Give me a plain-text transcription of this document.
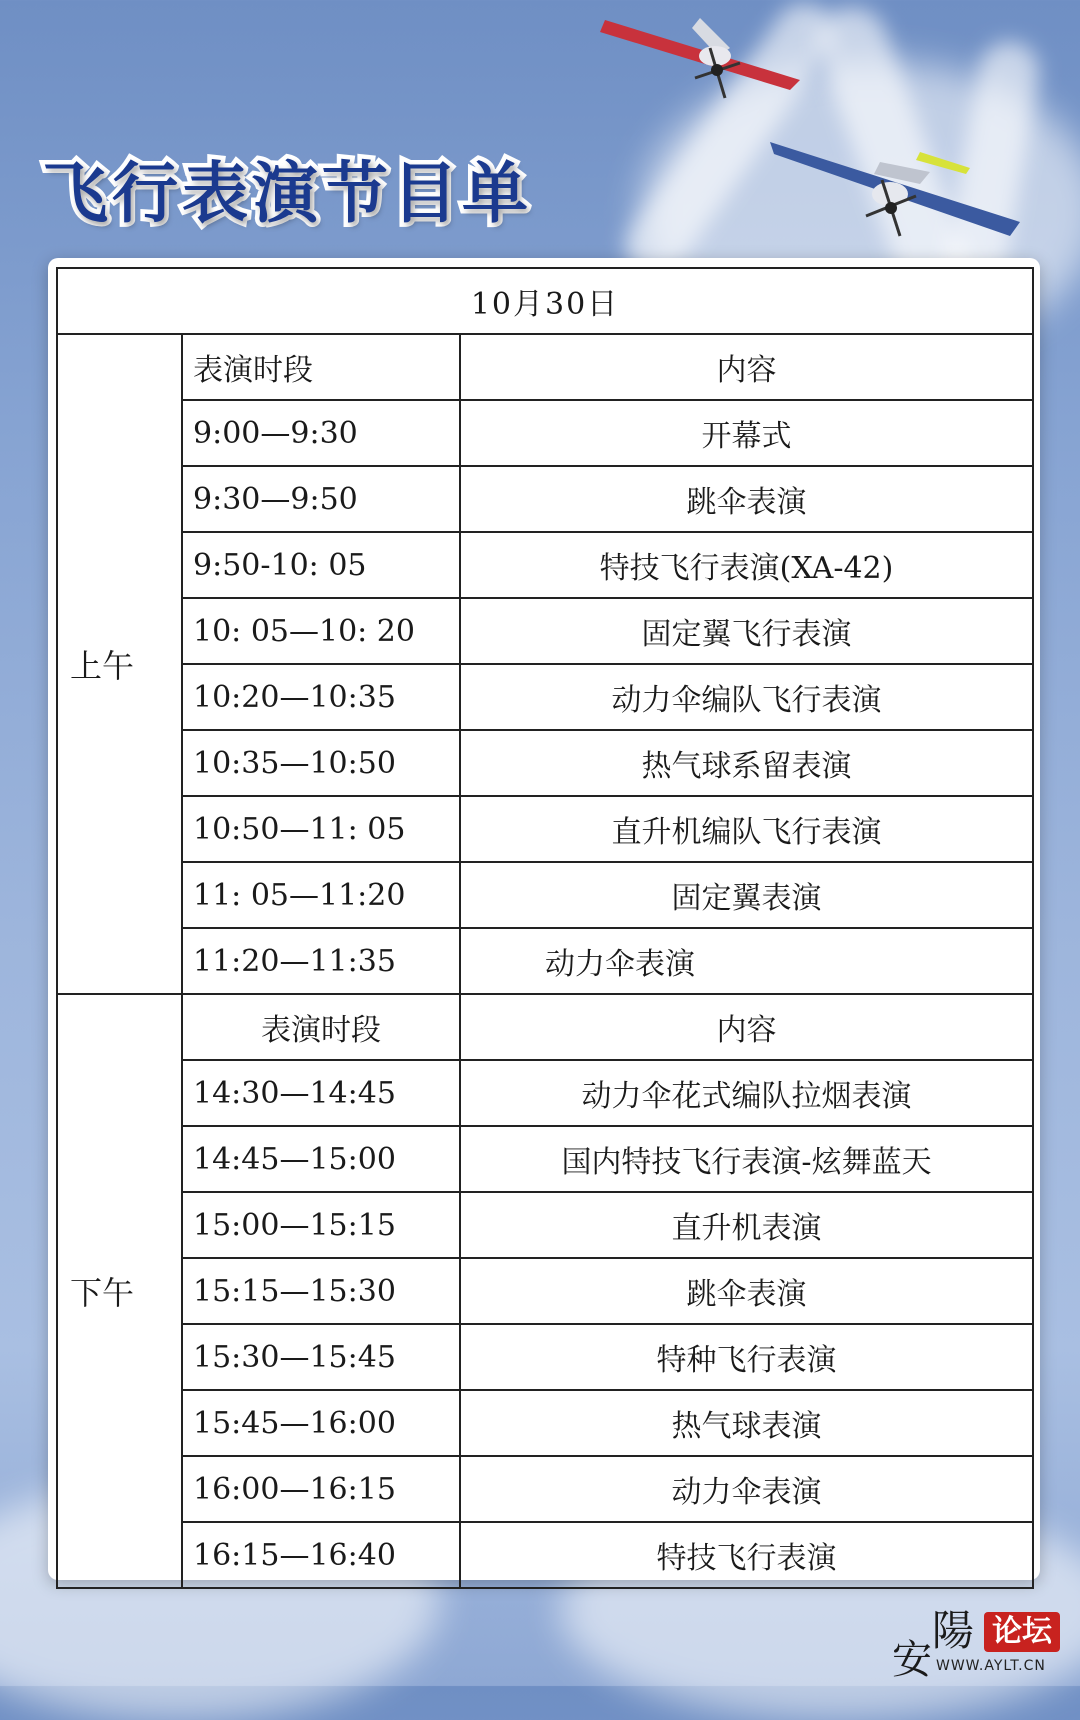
飞行表演节目单
10月30日		
上午	表演时段	内容
	9:00—9:30	开幕式
	9:30—9:50	跳伞表演
	9:50-10: 05	特技飞行表演(XA-42)
	10: 05—10: 20	固定翼飞行表演
	10:20—10:35	动力伞编队飞行表演
	10:35—10:50	热气球系留表演
	10:50—11: 05	直升机编队飞行表演
	11: 05—11:20	固定翼表演
	11:20—11:35	动力伞表演
下午	表演时段	内容
	14:30—14:45	动力伞花式编队拉烟表演
	14:45—15:00	国内特技飞行表演-炫舞蓝天
	15:00—15:15	直升机表演
	15:15—15:30	跳伞表演
	15:30—15:45	特种飞行表演
	15:45—16:00	热气球表演
	16:00—16:15	动力伞表演
	16:15—16:40	特技飞行表演
安
陽 论坛
WWW.AYLT.CN
